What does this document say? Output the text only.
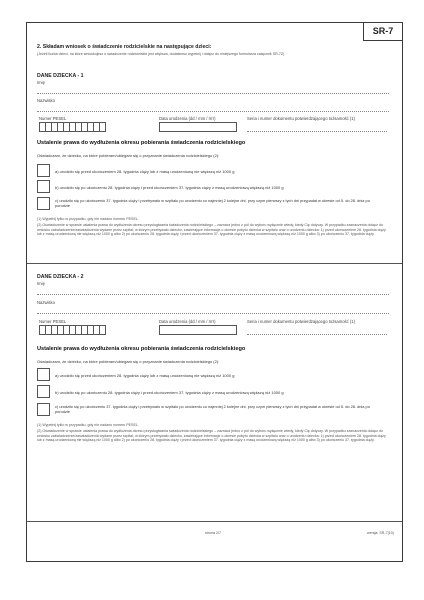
SR-7
2. Składam wniosek o świadczenie rodzicielskie na następujące dzieci:
(Jeżeli liczba dzieci, na które wnioskujesz o świadczenie rodzicielskie jest większa, dodatkowo wypełnij i dołącz do niniejszego formularza załącznik SR-7Z)
DANE DZIECKA - 1
Imię
Nazwisko
Numer PESEL	Data urodzenia (dd / mm / rrrr)	Seria i numer dokumentu potwierdzającego tożsamość (1)
Ustalenie prawa do wydłużenia okresu pobierania świadczenia rodzicielskiego
Oświadczam, że dziecko, na które pobieram/ubiegam się o przyznanie świadczenia rodzicielskiego (2):
a) urodziło się przed ukończeniem 28. tygodnia ciąży lub z masą urodzeniową nie większą niż 1000 g
b) urodziło się po ukończeniu 28. tygodnia ciąży i przed ukończeniem 37. tygodnia ciąży z masą urodzeniową większą niż 1000 g
c) urodziło się po ukończeniu 37. tygodnia ciąży i przebywało w szpitalu po urodzeniu co najmniej 2 kolejne dni, przy czym pierwszy z tych dni przypadał w okresie od 5. do 28. dnia po porodzie
(1) Wypełnij tylko w przypadku, gdy nie nadano numeru PESEL.
(2) Oświadczenie w sprawie ustalenia prawa do wydłużenia okresu przysługiwania świadczenia rodzicielskiego – zaznacz jedno z pól do wyboru wyłącznie wtedy, kiedy Cię dotyczy. W przypadku zaznaczenia dołącz do wniosku zaświadczenie/zaświadczenia wydane przez szpital, w którym przebywało dziecko, zawierające informacje o okresie pobytu dziecka w szpitalu oraz o urodzeniu dziecka: 1) przed ukończeniem 28. tygodnia ciąży lub z masą urodzeniową nie większą niż 1000 g albo 2) po ukończeniu 28. tygodnia ciąży i przed ukończeniem 37. tygodnia ciąży z masą urodzeniową większą niż 1000 g albo 3) po ukończeniu 37. tygodnia ciąży.
DANE DZIECKA - 2
Imię
Nazwisko
Numer PESEL	Data urodzenia (dd / mm / rrrr)	Seria i numer dokumentu potwierdzającego tożsamość (1)
Ustalenie prawa do wydłużenia okresu pobierania świadczenia rodzicielskiego
Oświadczam, że dziecko, na które pobieram/ubiegam się o przyznanie świadczenia rodzicielskiego (2):
a) urodziło się przed ukończeniem 28. tygodnia ciąży lub z masą urodzeniową nie większą niż 1000 g
b) urodziło się po ukończeniu 28. tygodnia ciąży i przed ukończeniem 37. tygodnia ciąży z masą urodzeniową większą niż 1000 g
c) urodziło się po ukończeniu 37. tygodnia ciąży i przebywało w szpitalu po urodzeniu co najmniej 2 kolejne dni, przy czym pierwszy z tych dni przypadał w okresie od 5. do 28. dnia po porodzie
(1) Wypełnij tylko w przypadku, gdy nie nadano numeru PESEL.
(2) Oświadczenie w sprawie ustalenia prawa do wydłużenia okresu przysługiwania świadczenia rodzicielskiego – zaznacz jedno z pól do wyboru wyłącznie wtedy, kiedy Cię dotyczy. W przypadku zaznaczenia dołącz do wniosku zaświadczenie/zaświadczenia wydane przez szpital, w którym przebywało dziecko, zawierające informacje o okresie pobytu dziecka w szpitalu oraz o urodzeniu dziecka: 1) przed ukończeniem 28. tygodnia ciąży lub z masą urodzeniową nie większą niż 1000 g albo 2) po ukończeniu 28. tygodnia ciąży i przed ukończeniem 37. tygodnia ciąży z masą urodzeniową większą niż 1000 g albo 3) po ukończeniu 37. tygodnia ciąży.
strona 2/7	wersja: SR-7(10)
